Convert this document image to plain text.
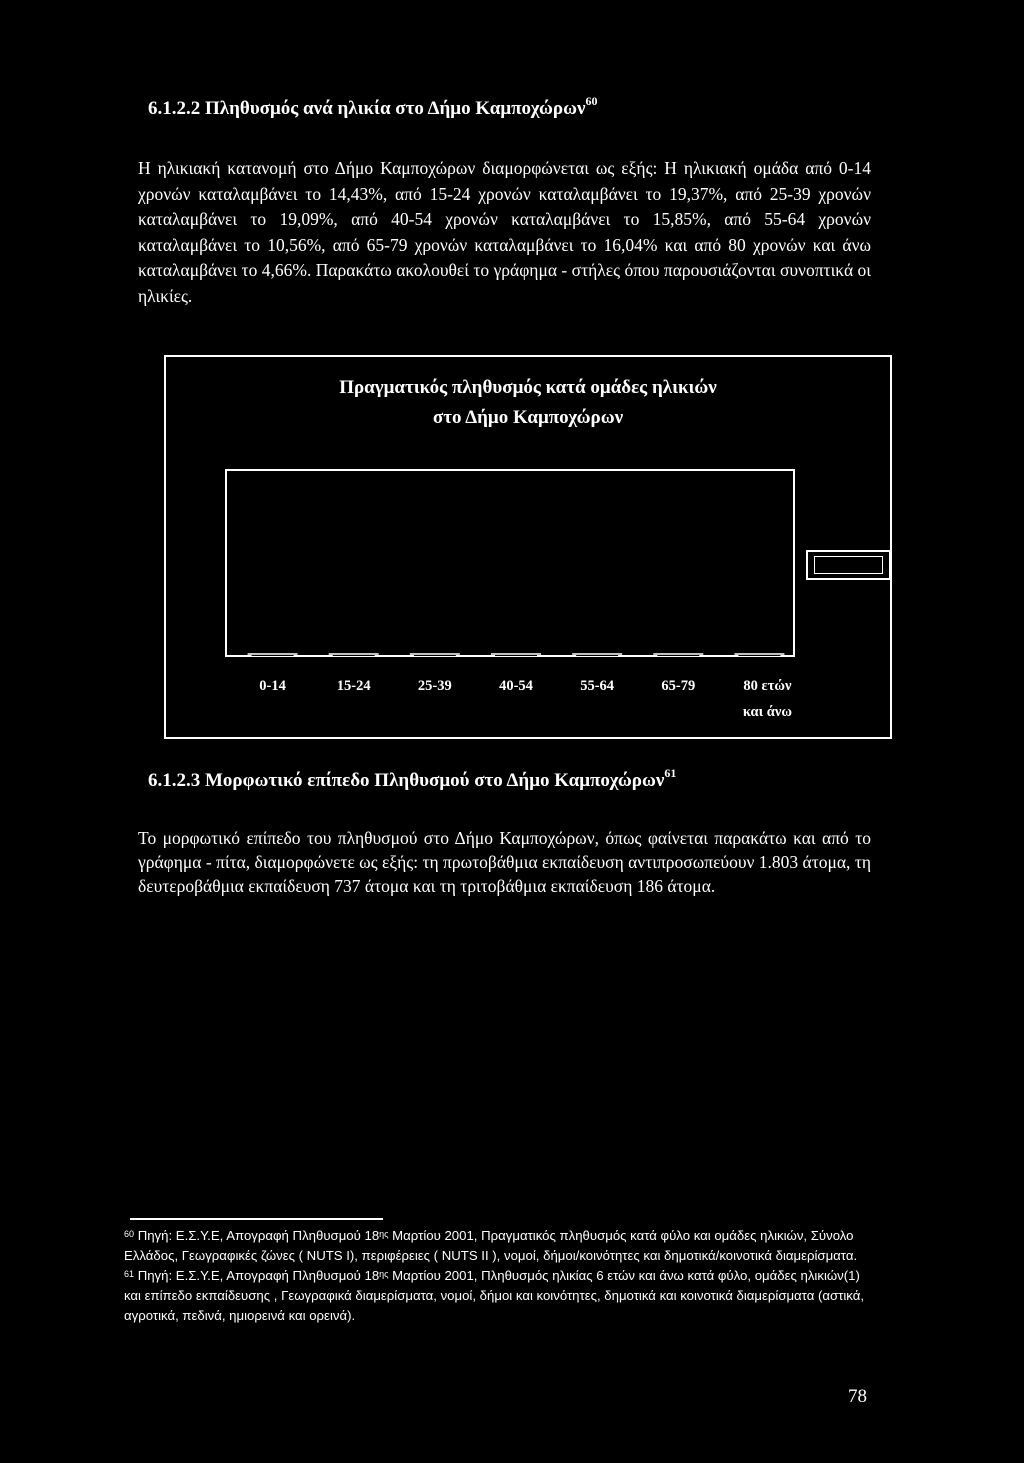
6.1.2.2 Πληθυσμός ανά ηλικία στο Δήμο Καμποχώρων$^{60}$
Η ηλικιακή κατανομή στο Δήμο Καμποχώρων διαμορφώνεται ως εξής: Η ηλικιακή ομάδα από 0-14 χρονών καταλαμβάνει το 14,43%, από 15-24 χρονών καταλαμβάνει το 19,37%, από 25-39 χρονών καταλαμβάνει το 19,09%, από 40-54 χρονών καταλαμβάνει το 15,85%, από 55-64 χρονών καταλαμβάνει το 10,56%, από 65-79 χρονών καταλαμβάνει το 16,04% και από 80 χρονών και άνω καταλαμβάνει το 4,66%. Παρακάτω ακολουθεί το γράφημα - στήλες όπου παρουσιάζονται συνοπτικά οι ηλικίες.
Πραγματικός πληθυσμός κατά ομάδες ηλικιών
στο Δήμο Καμποχώρων
0-14	15-24	25-39	40-54	55-64	65-79	80 ετών
και άνω
6.1.2.3 Μορφωτικό επίπεδο Πληθυσμού στο Δήμο Καμποχώρων$^{61}$
Το μορφωτικό επίπεδο του πληθυσμού στο Δήμο Καμποχώρων, όπως φαίνεται παρακάτω και από το γράφημα - πίτα, διαμορφώνετε ως εξής: τη πρωτοβάθμια εκπαίδευση αντιπροσωπεύουν 1.803 άτομα, τη δευτεροβάθμια εκπαίδευση 737 άτομα και τη τριτοβάθμια εκπαίδευση 186 άτομα.

$^{60}$ Πηγή: Ε.Σ.Υ.Ε, Απογραφή Πληθυσμού $18^{\eta\varsigma}$ Μαρτίου 2001, Πραγματικός πληθυσμός κατά φύλο και ομάδες ηλικιών, Σύνολο Ελλάδος, Γεωγραφικές ζώνες ( NUTS I), περιφέρειες ( NUTS II ), νομοί, δήμοι/κοινότητες και δημοτικά/κοινοτικά διαμερίσματα.

$^{61}$ Πηγή: Ε.Σ.Υ.Ε, Απογραφή Πληθυσμού $18^{\eta\varsigma}$ Μαρτίου 2001, Πληθυσμός ηλικίας 6 ετών και άνω κατά φύλο, ομάδες ηλικιών(1) και επίπεδο εκπαίδευσης , Γεωγραφικά διαμερίσματα, νομοί, δήμοι και κοινότητες, δημοτικά και κοινοτικά διαμερίσματα (αστικά, αγροτικά, πεδινά, ημιορεινά και ορεινά).

78
